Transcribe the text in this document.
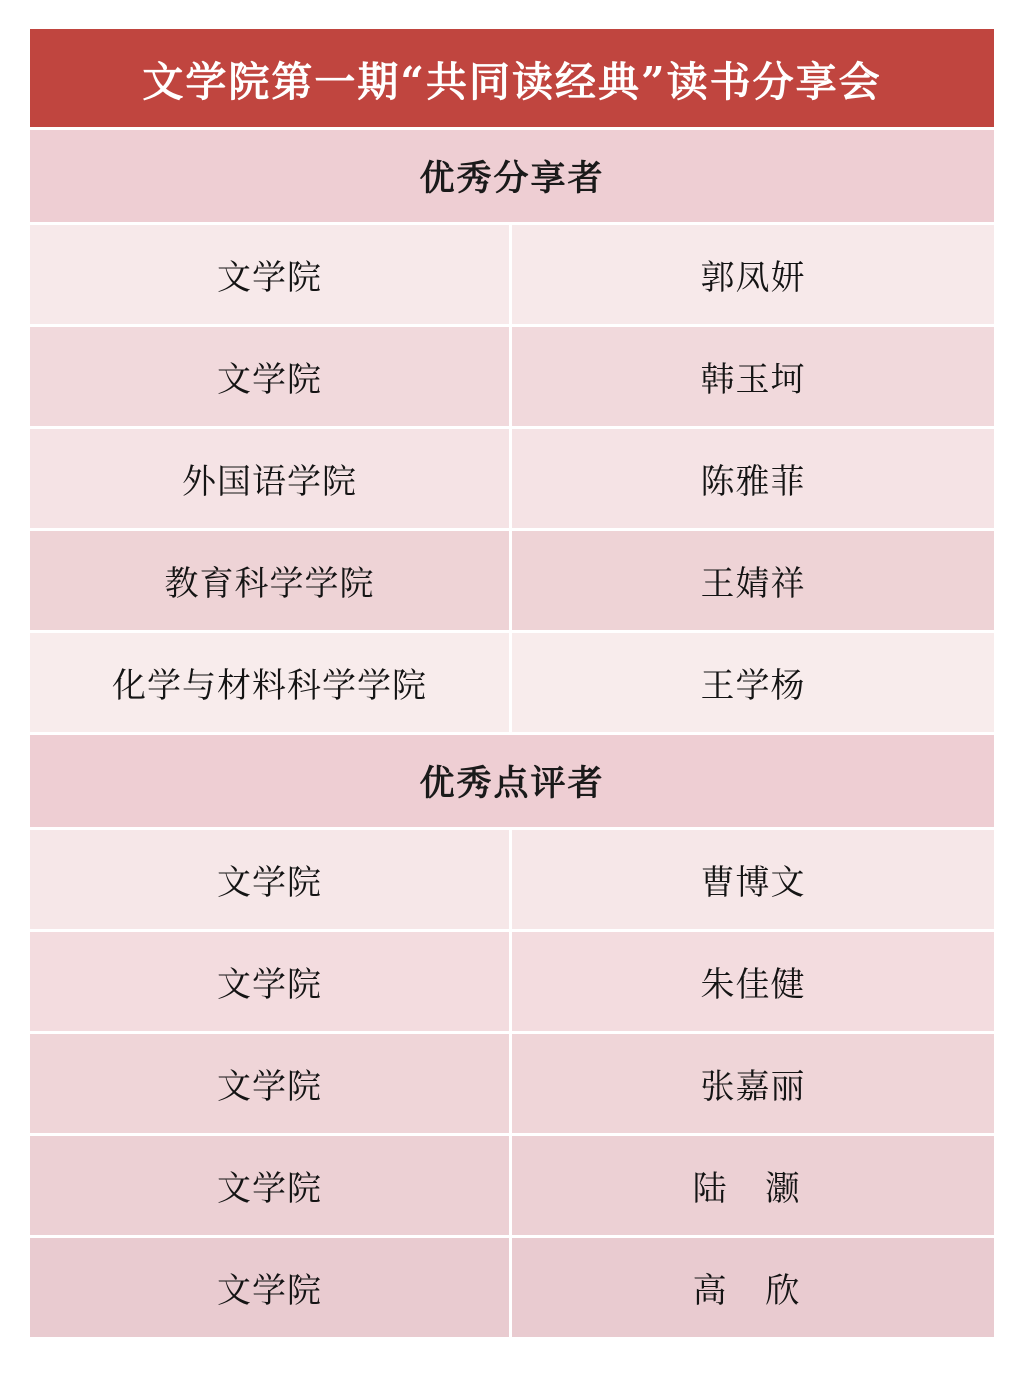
文学院第一期“共同读经典”读书分享会	
优秀分享者	
文学院	郭凤妍
文学院	韩玉坷
外国语学院	陈雅菲
教育科学学院	王婧祥
化学与材料科学学院	王学杨
优秀点评者	
文学院	曹博文
文学院	朱佳健
文学院	张嘉丽
文学院	陆 灏
文学院	高 欣
